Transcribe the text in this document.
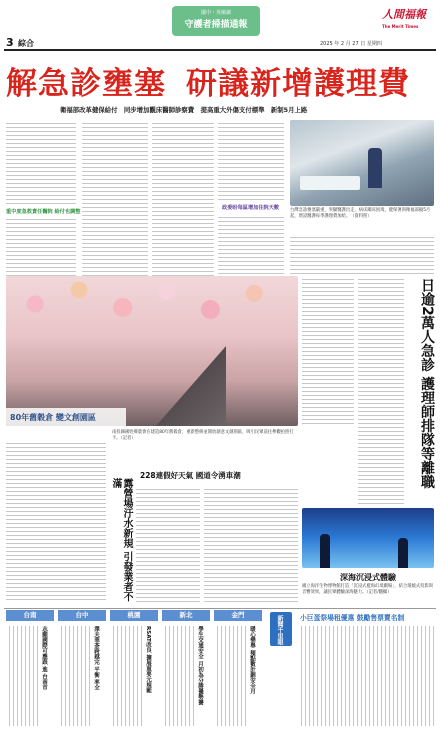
3 綜合
國中・英檢讀
守護者掃描通報
人間福報
The Merit Times
2025 年 2 月 27 日 星期四
解急診壅塞 研議新增護理費
衛福部改革健保給付　同步增加觀床醫師診察費　提高重大外傷支付標準　新制5月上路
重中度急救責任醫院 給付也調整
政委盼每區增加住院天數	台灣急診壅塞嚴重，突顯醫護出走，病床關床困境，健保署與衛福部擬5月起，增設醫護每季護理費加給。　（資料照）
80年舊穀倉 變文創園區
南投縣國姓鄉農會在建造80年舊穀倉，重新整修並開放創意文創園區，吸引民眾前往參觀拍照打卡。（記者）	日逾2萬人急診 護理師排隊等離職
露營場汙水新規 引發業者不滿
228連假好天氣 國道令湧車潮
深海沉浸式體驗
國立海洋生物博物館打造「沉浸式藍海幻境劇場」，結合環繞式投影與音響效果，讓民眾體驗深海魅力。（記者/翻攝）
小巨蛋祭場租優惠 鼓勵售票賣名制
台南	台中	桃園	新北	金門	新聞千里眼
志願國際可應跟 進 台南市	澤夫華茶跨越完 平衡 率全	RSAT改良 擴展重要元規範	學生交通安全 月初為分勝優勢賽	暖心樂舉 頻點數計劃安全月
